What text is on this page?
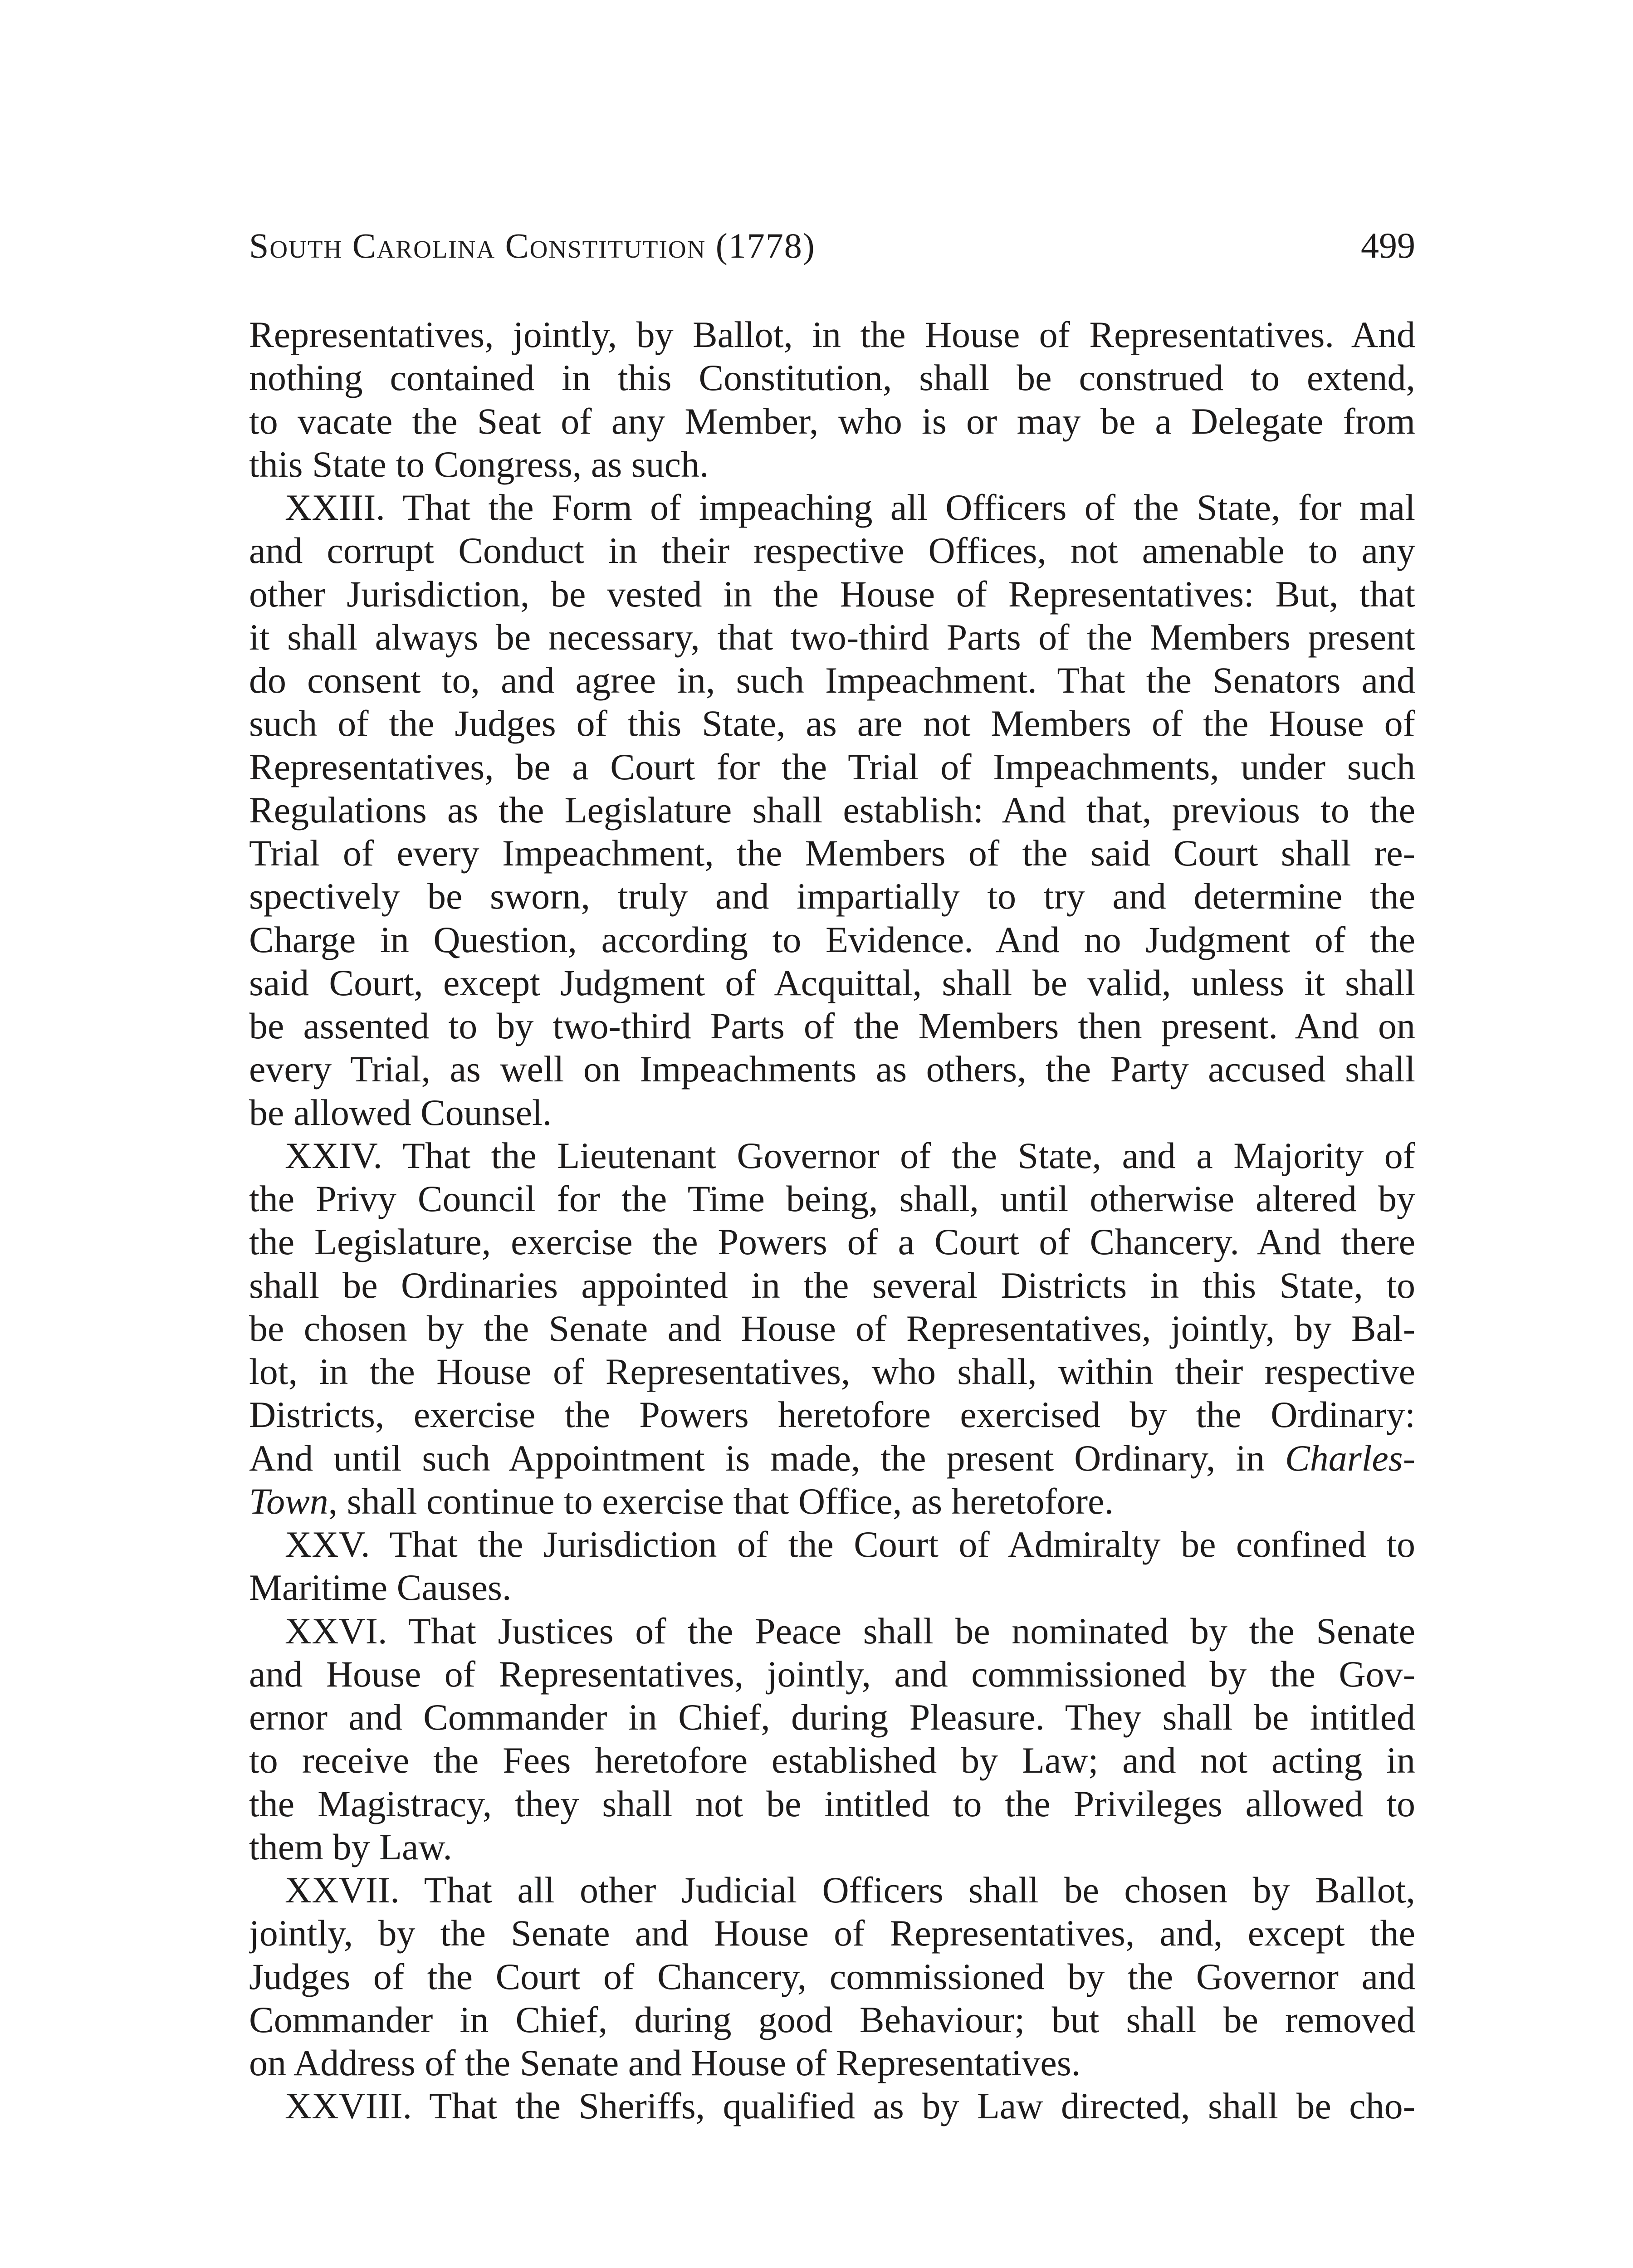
South Carolina Constitution (1778)	499
Representatives, jointly, by Ballot, in the House of Representatives. And
nothing contained in this Constitution, shall be construed to extend,
to vacate the Seat of any Member, who is or may be a Delegate from
this State to Congress, as such.
XXIII. That the Form of impeaching all Officers of the State, for mal
and corrupt Conduct in their respective Offices, not amenable to any
other Jurisdiction, be vested in the House of Representatives: But, that
it shall always be necessary, that two-third Parts of the Members present
do consent to, and agree in, such Impeachment. That the Senators and
such of the Judges of this State, as are not Members of the House of
Representatives, be a Court for the Trial of Impeachments, under such
Regulations as the Legislature shall establish: And that, previous to the
Trial of every Impeachment, the Members of the said Court shall re-
spectively be sworn, truly and impartially to try and determine the
Charge in Question, according to Evidence. And no Judgment of the
said Court, except Judgment of Acquittal, shall be valid, unless it shall
be assented to by two-third Parts of the Members then present. And on
every Trial, as well on Impeachments as others, the Party accused shall
be allowed Counsel.
XXIV. That the Lieutenant Governor of the State, and a Majority of
the Privy Council for the Time being, shall, until otherwise altered by
the Legislature, exercise the Powers of a Court of Chancery. And there
shall be Ordinaries appointed in the several Districts in this State, to
be chosen by the Senate and House of Representatives, jointly, by Bal-
lot, in the House of Representatives, who shall, within their respective
Districts, exercise the Powers heretofore exercised by the Ordinary:
And until such Appointment is made, the present Ordinary, in Charles-
Town, shall continue to exercise that Office, as heretofore.
XXV. That the Jurisdiction of the Court of Admiralty be confined to
Maritime Causes.
XXVI. That Justices of the Peace shall be nominated by the Senate
and House of Representatives, jointly, and commissioned by the Gov-
ernor and Commander in Chief, during Pleasure. They shall be intitled
to receive the Fees heretofore established by Law; and not acting in
the Magistracy, they shall not be intitled to the Privileges allowed to
them by Law.
XXVII. That all other Judicial Officers shall be chosen by Ballot,
jointly, by the Senate and House of Representatives, and, except the
Judges of the Court of Chancery, commissioned by the Governor and
Commander in Chief, during good Behaviour; but shall be removed
on Address of the Senate and House of Representatives.
XXVIII. That the Sheriffs, qualified as by Law directed, shall be cho-
